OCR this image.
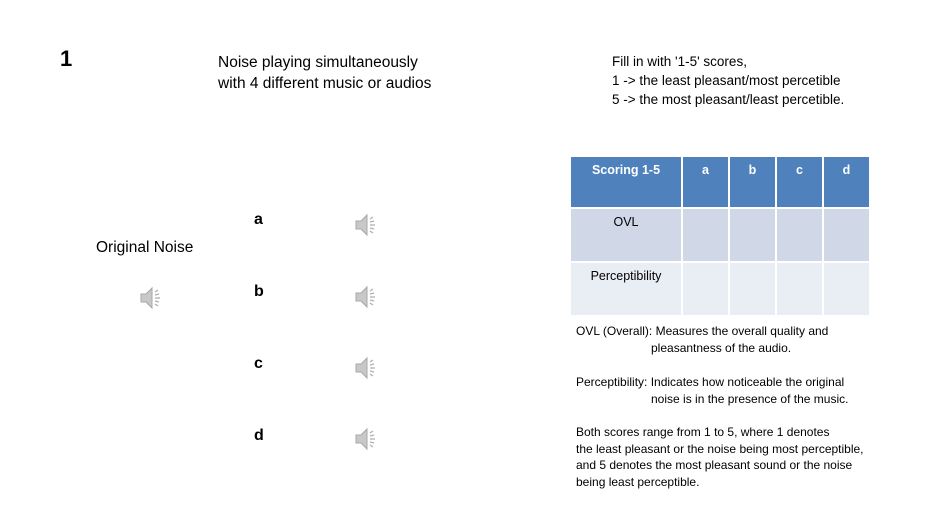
1	Noise playing simultaneously
with 4 different music or audios
Fill in with '1-5' scores,
1 -> the least pleasant/most percetible
5 -> the most pleasant/least percetible.
Original Noise
a
b
c
d
Scoring 1-5	a	b	c	d
OVL				
Perceptibility				
OVL (Overall): Measures the overall quality and
pleasantness of the audio.
Perceptibility: Indicates how noticeable the original
noise is in the presence of the music.
Both scores range from 1 to 5, where 1 denotes
the least pleasant or the noise being most perceptible,
and 5 denotes the most pleasant sound or the noise
being least perceptible.
